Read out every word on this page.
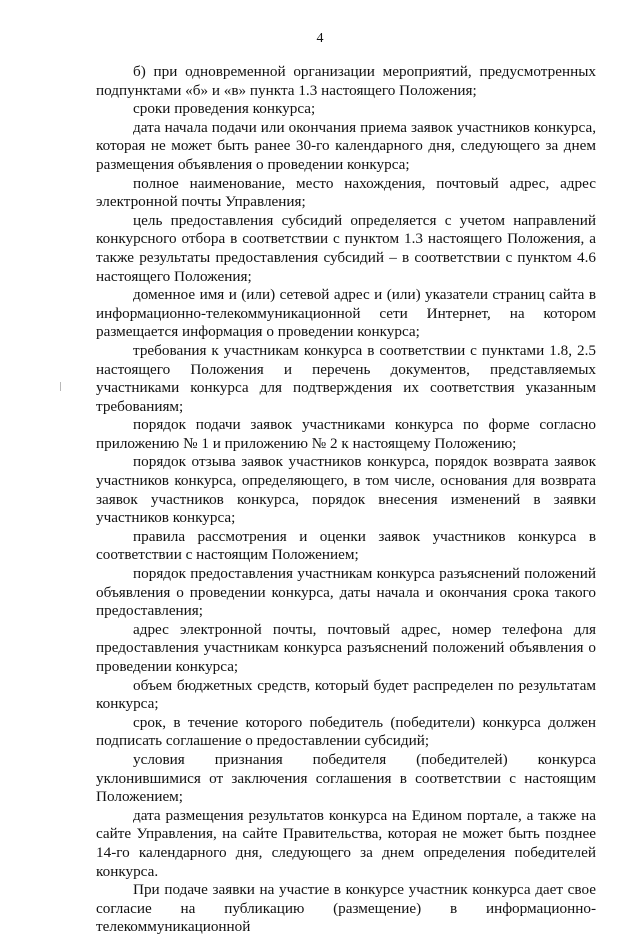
4

б) при одновременной организации мероприятий, предусмотренных подпунктами «б» и «в» пункта 1.3 настоящего Положения;

сроки проведения конкурса;

дата начала подачи или окончания приема заявок участников конкурса, которая не может быть ранее 30-го календарного дня, следующего за днем размещения объявления о проведении конкурса;

полное наименование, место нахождения, почтовый адрес, адрес электронной почты Управления;

цель предоставления субсидий определяется с учетом направлений конкурсного отбора в соответствии с пунктом 1.3 настоящего Положения, а также результаты предоставления субсидий – в соответствии с пунктом 4.6 настоящего Положения;

доменное имя и (или) сетевой адрес и (или) указатели страниц сайта в информационно-телекоммуникационной сети Интернет, на котором размещается информация о проведении конкурса;

требования к участникам конкурса в соответствии с пунктами 1.8, 2.5 настоящего Положения и перечень документов, представляемых участниками конкурса для подтверждения их соответствия указанным требованиям;

порядок подачи заявок участниками конкурса по форме согласно приложению № 1 и приложению № 2 к настоящему Положению;

порядок отзыва заявок участников конкурса, порядок возврата заявок участников конкурса, определяющего, в том числе, основания для возврата заявок участников конкурса, порядок внесения изменений в заявки участников конкурса;

правила рассмотрения и оценки заявок участников конкурса в соответствии с настоящим Положением;

порядок предоставления участникам конкурса разъяснений положений объявления о проведении конкурса, даты начала и окончания срока такого предоставления;

адрес электронной почты, почтовый адрес, номер телефона для предоставления участникам конкурса разъяснений положений объявления о проведении конкурса;

объем бюджетных средств, который будет распределен по результатам конкурса;

срок, в течение которого победитель (победители) конкурса должен подписать соглашение о предоставлении субсидий;

условия признания победителя (победителей) конкурса уклонившимися от заключения соглашения в соответствии с настоящим Положением;

дата размещения результатов конкурса на Едином портале, а также на сайте Управления, на сайте Правительства, которая не может быть позднее 14-го календарного дня, следующего за днем определения победителей конкурса.

При подаче заявки на участие в конкурсе участник конкурса дает свое согласие на публикацию (размещение) в информационно-телекоммуникационной
